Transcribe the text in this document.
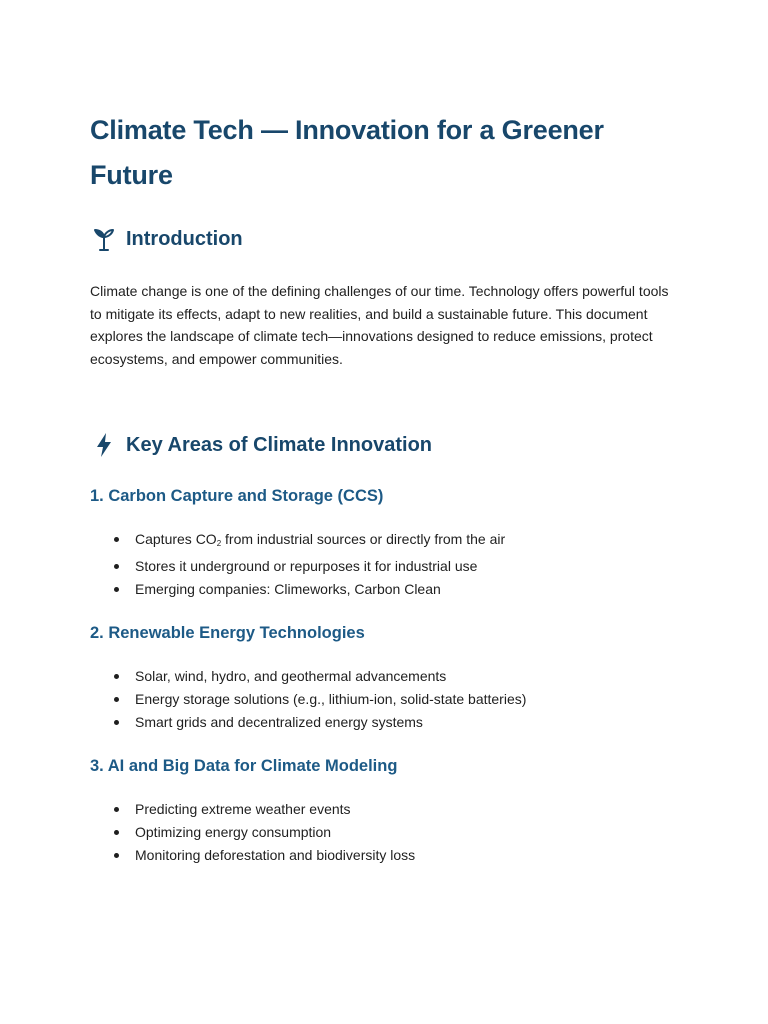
Climate Tech — Innovation for a Greener Future
Introduction

Climate change is one of the defining challenges of our time. Technology offers powerful tools to mitigate its effects, adapt to new realities, and build a sustainable future. This document explores the landscape of climate tech—innovations designed to reduce emissions, protect ecosystems, and empower communities.

Key Areas of Climate Innovation
1. Carbon Capture and Storage (CCS)
Captures $CO_2$ from industrial sources or directly from the air
Stores it underground or repurposes it for industrial use
Emerging companies: Climeworks, Carbon Clean
2. Renewable Energy Technologies
Solar, wind, hydro, and geothermal advancements
Energy storage solutions (e.g., lithium-ion, solid-state batteries)
Smart grids and decentralized energy systems
3. AI and Big Data for Climate Modeling
Predicting extreme weather events
Optimizing energy consumption
Monitoring deforestation and biodiversity loss
